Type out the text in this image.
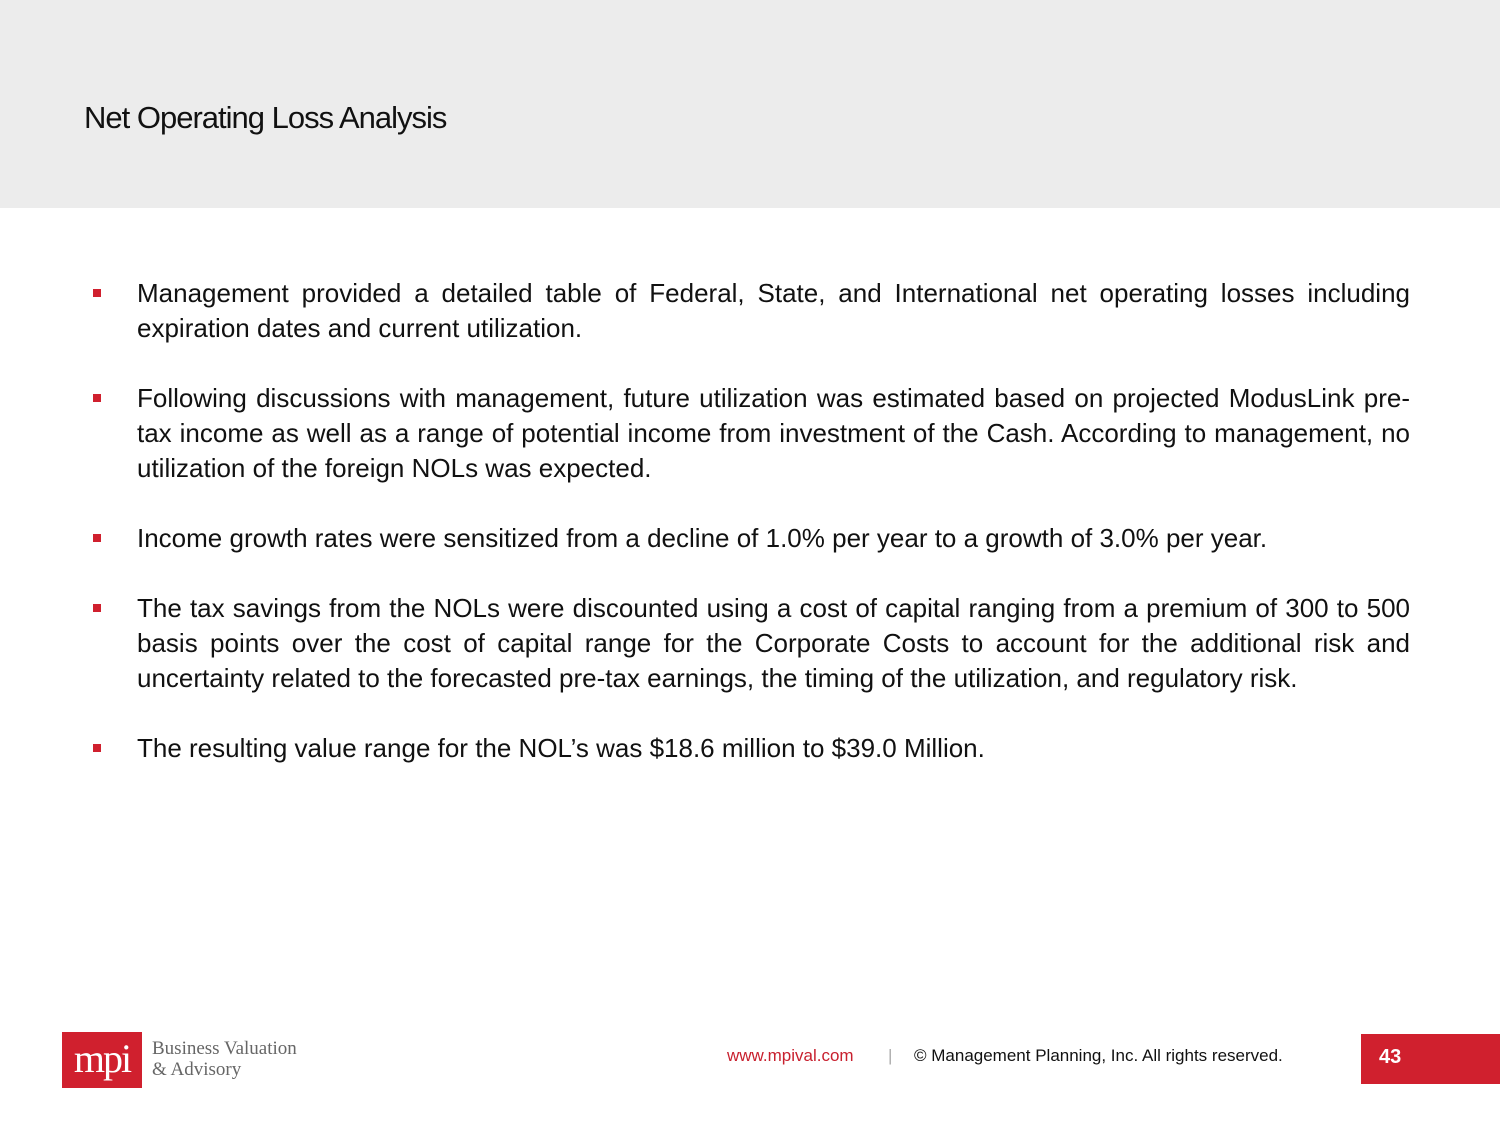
Net Operating Loss Analysis
Management provided a detailed table of Federal, State, and International net operating losses including expiration dates and current utilization.
Following discussions with management, future utilization was estimated based on projected ModusLink pre-tax income as well as a range of potential income from investment of the Cash. According to management, no utilization of the foreign NOLs was expected.
Income growth rates were sensitized from a decline of 1.0% per year to a growth of 3.0% per year.
The tax savings from the NOLs were discounted using a cost of capital ranging from a premium of 300 to 500 basis points over the cost of capital range for the Corporate Costs to account for the additional risk and uncertainty related to the forecasted pre-tax earnings, the timing of the utilization, and regulatory risk.
The resulting value range for the NOL’s was $18.6 million to $39.0 Million.
mpi	Business Valuation
& Advisory
www.mpival.com | © Management Planning, Inc. All rights reserved.	43
